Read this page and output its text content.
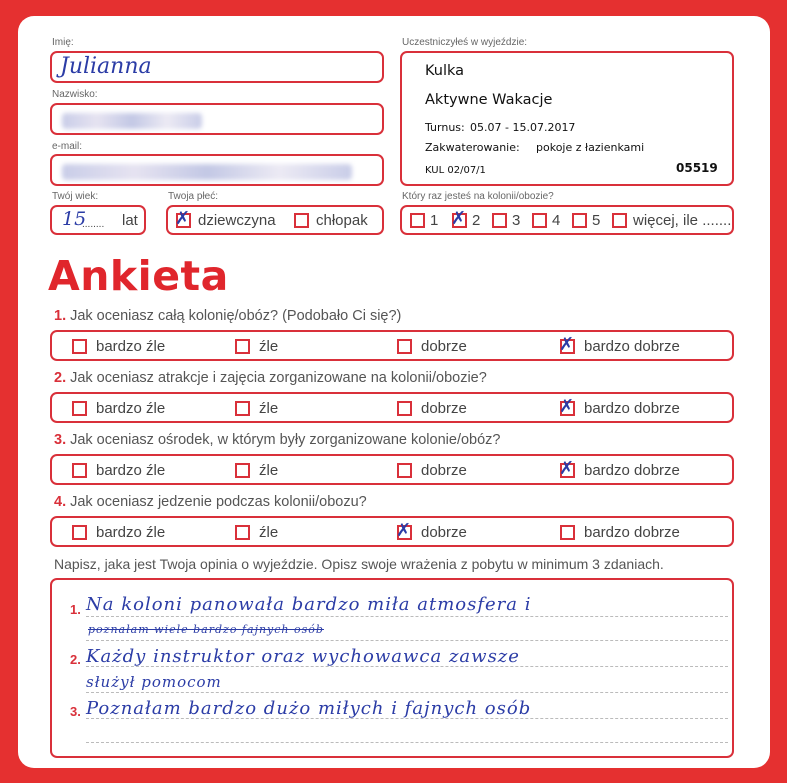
Imię:
Julianna
Nazwisko:
e-mail:
Twój wiek:
15
........ lat
Twoja płeć:
✗ dziewczyna	chłopak
Uczestniczyłeś w wyjeździe:
Kulka
Aktywne Wakacje
Turnus: 05.07 - 15.07.2017
Zakwaterowanie: pokoje z łazienkami
KUL 02/07/1	05519
Który raz jesteś na kolonii/obozie?
1 ✗ 2 3 4 5 więcej, ile .......
Ankieta
1. Jak oceniasz całą kolonię/obóz? (Podobało Ci się?)
bardzo źle	źle	dobrze	✗ bardzo dobrze
2. Jak oceniasz atrakcje i zajęcia zorganizowane na kolonii/obozie?
bardzo źle	źle	dobrze	✗ bardzo dobrze
3. Jak oceniasz ośrodek, w którym były zorganizowane kolonie/obóz?
bardzo źle	źle	dobrze	✗ bardzo dobrze
4. Jak oceniasz jedzenie podczas kolonii/obozu?
bardzo źle	źle	✗ dobrze	bardzo dobrze
Napisz, jaka jest Twoja opinia o wyjeździe. Opisz swoje wrażenia z pobytu w minimum 3 zdaniach.
1.
2.
3.
Na koloni panowała bardzo miła atmosfera i
poznałam wiele bardzo fajnych osób
Każdy instruktor oraz wychowawca zawsze
służył pomocom
Poznałam bardzo dużo miłych i fajnych osób
